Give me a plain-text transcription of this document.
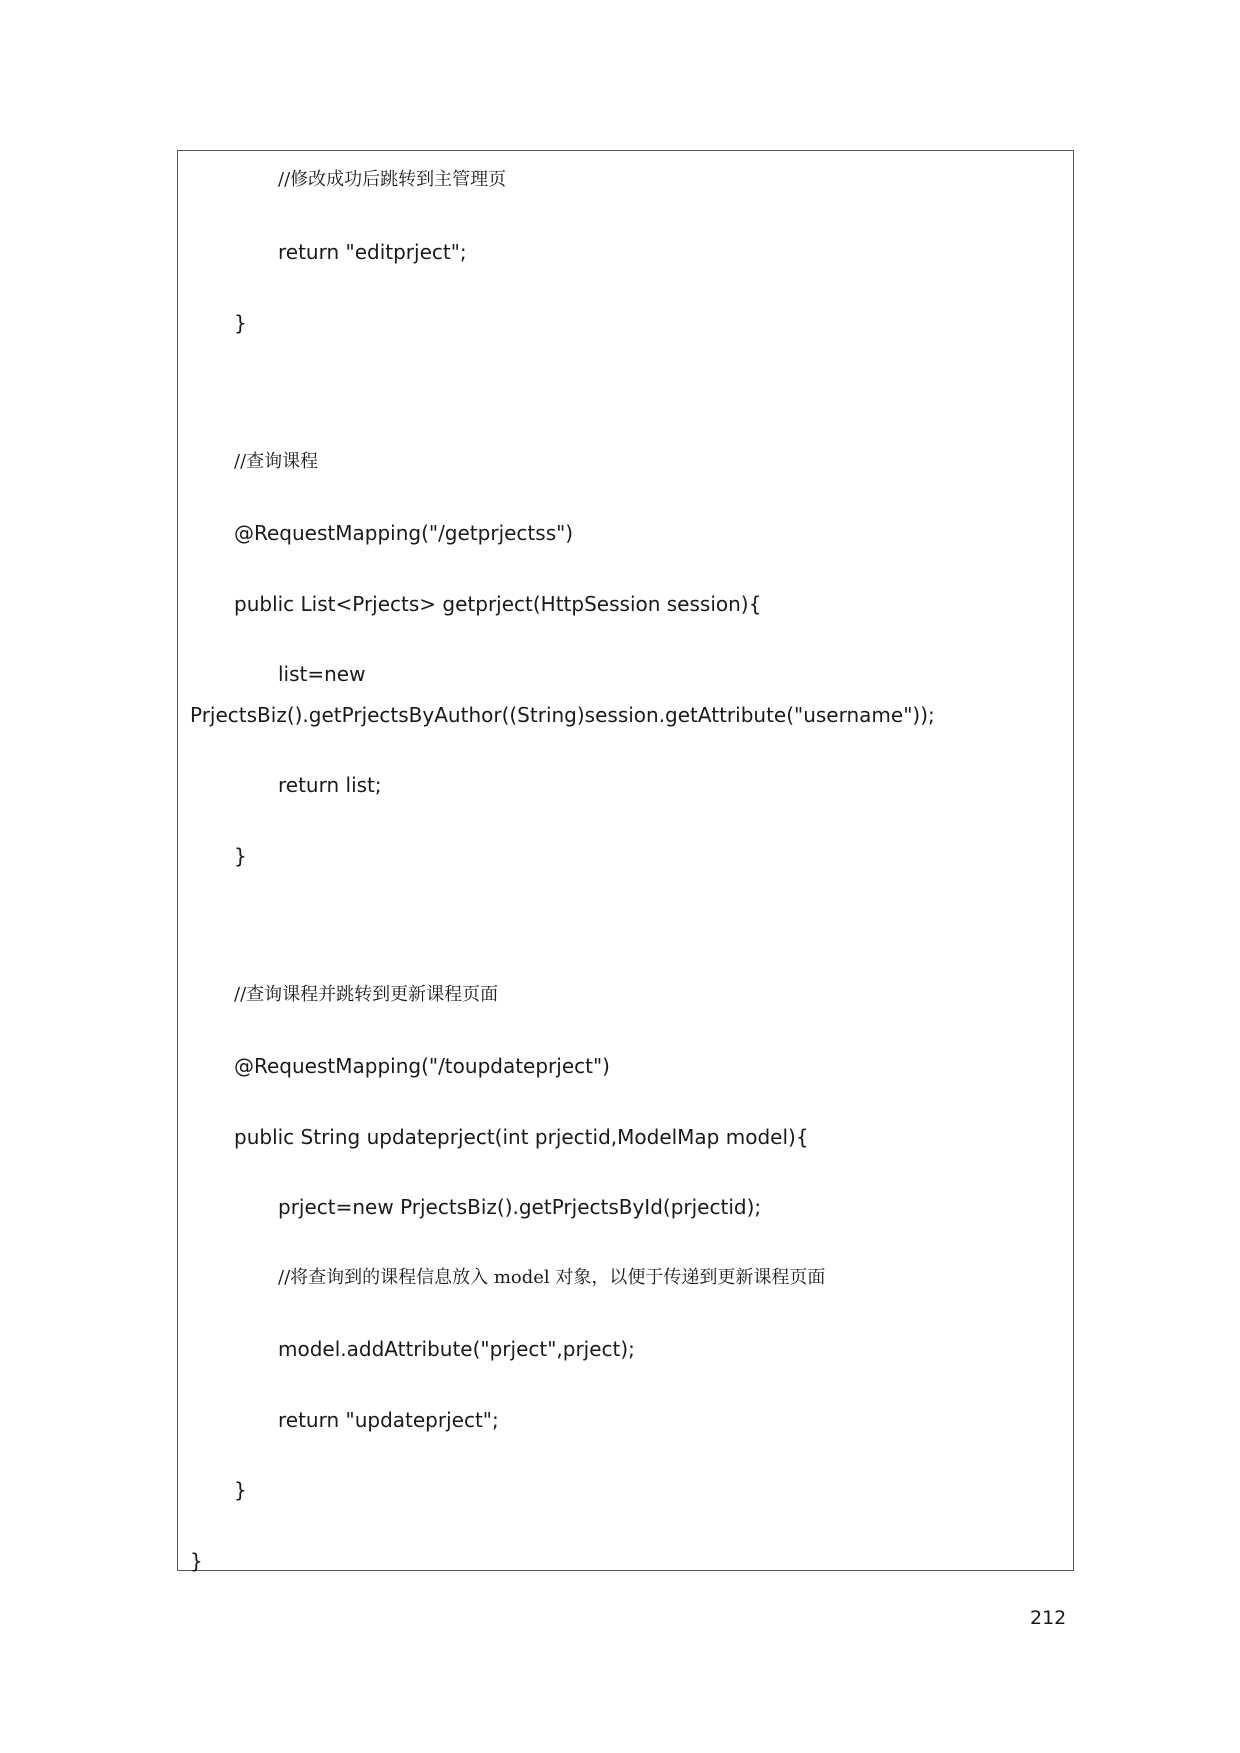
//修改成功后跳转到主管理页
return "editprject";
}
//查询课程
@RequestMapping("/getprjectss")
public List<Prjects> getprject(HttpSession session){
list=new
PrjectsBiz().getPrjectsByAuthor((String)session.getAttribute("username"));
return list;
}
//查询课程并跳转到更新课程页面
@RequestMapping("/toupdateprject")
public String updateprject(int prjectid,ModelMap model){
prject=new PrjectsBiz().getPrjectsById(prjectid);
//将查询到的课程信息放入 model 对象，以便于传递到更新课程页面
model.addAttribute("prject",prject);
return "updateprject";
}
}
212
